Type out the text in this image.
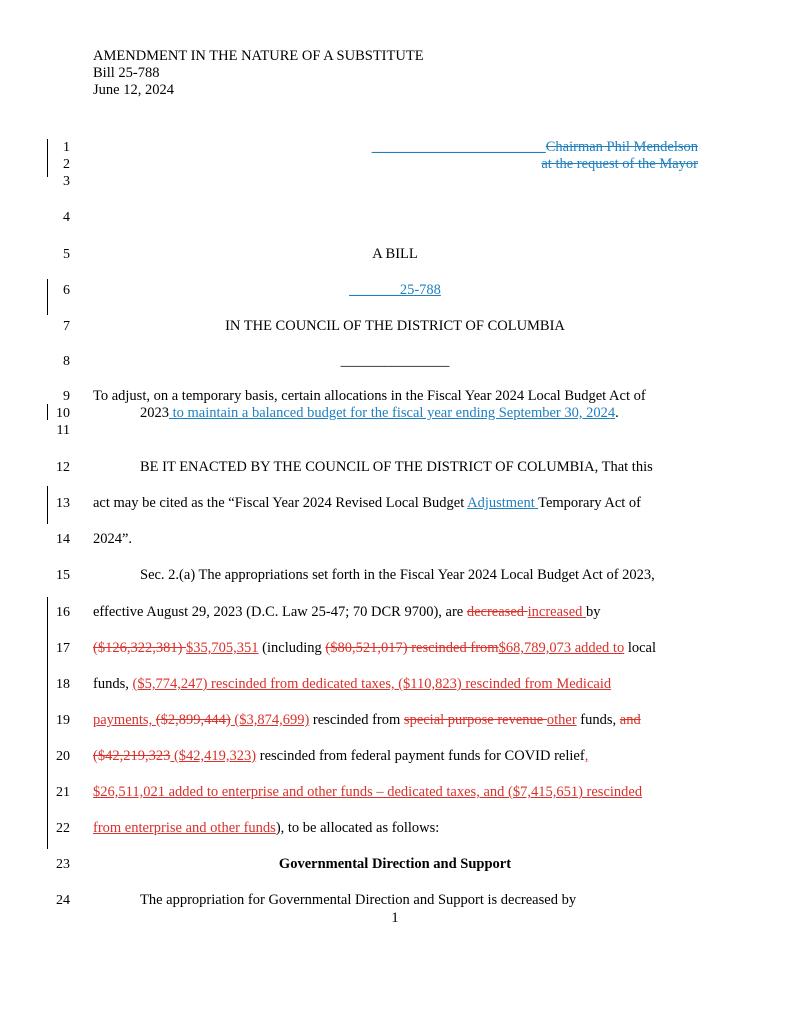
AMENDMENT IN THE NATURE OF A SUBSTITUTE
Bill 25-788
June 12, 2024
1
2
3
4
5
6
7
8
9
10
11
12
13
14
15
16
17
18
19
20
21
22
23
24
________________________Chairman Phil Mendelson
at the request of the Mayor
A BILL
_______25-788
IN THE COUNCIL OF THE DISTRICT OF COLUMBIA
_______________
To adjust, on a temporary basis, certain allocations in the Fiscal Year 2024 Local Budget Act of
2023 to maintain a balanced budget for the fiscal year ending September 30, 2024.
BE IT ENACTED BY THE COUNCIL OF THE DISTRICT OF COLUMBIA, That this
act may be cited as the “Fiscal Year 2024 Revised Local Budget Adjustment Temporary Act of
2024”.
Sec. 2.(a) The appropriations set forth in the Fiscal Year 2024 Local Budget Act of 2023,
effective August 29, 2023 (D.C. Law 25-47; 70 DCR 9700), are decreased increased by
($126,322,381) $35,705,351 (including ($80,521,017) rescinded from$68,789,073 added to local
funds, ($5,774,247) rescinded from dedicated taxes, ($110,823) rescinded from Medicaid
payments, ($2,899,444) ($3,874,699) rescinded from special purpose revenue other funds, and
($42,219,323 ($42,419,323) rescinded from federal payment funds for COVID relief,
$26,511,021 added to enterprise and other funds – dedicated taxes, and ($7,415,651) rescinded
from enterprise and other funds), to be allocated as follows:
Governmental Direction and Support
The appropriation for Governmental Direction and Support is decreased by
1
